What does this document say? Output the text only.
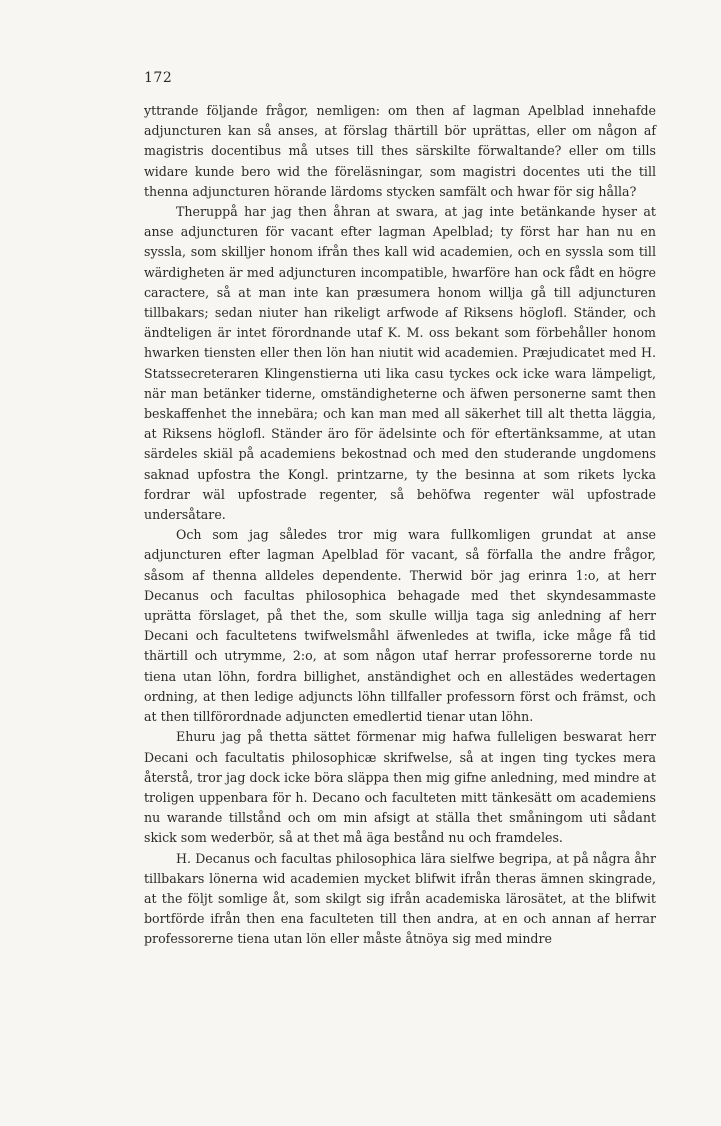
172

yttrande följande frågor, nemligen: om then af lagman Apelblad innehafde adjuncturen kan så anses, at förslag thärtill bör uprättas, eller om någon af magistris docentibus må utses till thes särskilte förwaltande? eller om tills widare kunde bero wid the föreläsningar, som magistri docentes uti the till thenna adjuncturen hörande lärdoms stycken samfält och hwar för sig hålla?

Theruppå har jag then åhran at swara, at jag inte betänkande hyser at anse adjuncturen för vacant efter lagman Apelblad; ty först har han nu en syssla, som skilljer honom ifrån thes kall wid academien, och en syssla som till wärdigheten är med adjuncturen incompatible, hwarföre han ock fådt en högre caractere, så at man inte kan præsumera honom willja gå till adjuncturen tillbakars; sedan niuter han rikeligt arfwode af Riksens höglofl. Ständer, och ändteligen är intet förordnande utaf K. M. oss bekant som förbehåller honom hwarken tiensten eller then lön han niutit wid academien. Præjudicatet med H. Statssecreteraren Klingenstierna uti lika casu tyckes ock icke wara lämpeligt, när man betänker tiderne, omständigheterne och äfwen personerne samt then beskaffenhet the innebära; och kan man med all säkerhet till alt thetta läggia, at Riksens höglofl. Ständer äro för ädelsinte och för eftertänksamme, at utan särdeles skiäl på academiens bekostnad och med den studerande ungdomens saknad upfostra the Kongl. printzarne, ty the besinna at som rikets lycka fordrar wäl upfostrade regenter, så behöfwa regenter wäl upfostrade undersåtare.

Och som jag således tror mig wara fullkomligen grundat at anse adjuncturen efter lagman Apelblad för vacant, så förfalla the andre frågor, såsom af thenna alldeles dependente. Therwid bör jag erinra 1:o, at herr Decanus och facultas philosophica behagade med thet skyndesammaste uprätta förslaget, på thet the, som skulle willja taga sig anledning af herr Decani och facultetens twifwelsmåhl äfwenledes at twifla, icke måge få tid thärtill och utrymme, 2:o, at som någon utaf herrar professorerne torde nu tiena utan löhn, fordra billighet, anständighet och en allestädes wedertagen ordning, at then ledige adjuncts löhn tillfaller professorn först och främst, och at then tillförordnade adjuncten emedlertid tienar utan löhn.

Ehuru jag på thetta sättet förmenar mig hafwa fulleligen beswarat herr Decani och facultatis philosophicæ skrifwelse, så at ingen ting tyckes mera återstå, tror jag dock icke böra släppa then mig gifne anledning, med mindre at troligen uppenbara för h. Decano och faculteten mitt tänkesätt om academiens nu warande tillstånd och om min afsigt at ställa thet småningom uti sådant skick som wederbör, så at thet må äga bestånd nu och framdeles.

H. Decanus och facultas philosophica lära sielfwe begripa, at på några åhr tillbakars lönerna wid academien mycket blifwit ifrån theras ämnen skingrade, at the följt somlige åt, som skilgt sig ifrån academiska lärosätet, at the blifwit bortförde ifrån then ena faculteten till then andra, at en och annan af herrar professorerne tiena utan lön eller måste åtnöya sig med mindre
